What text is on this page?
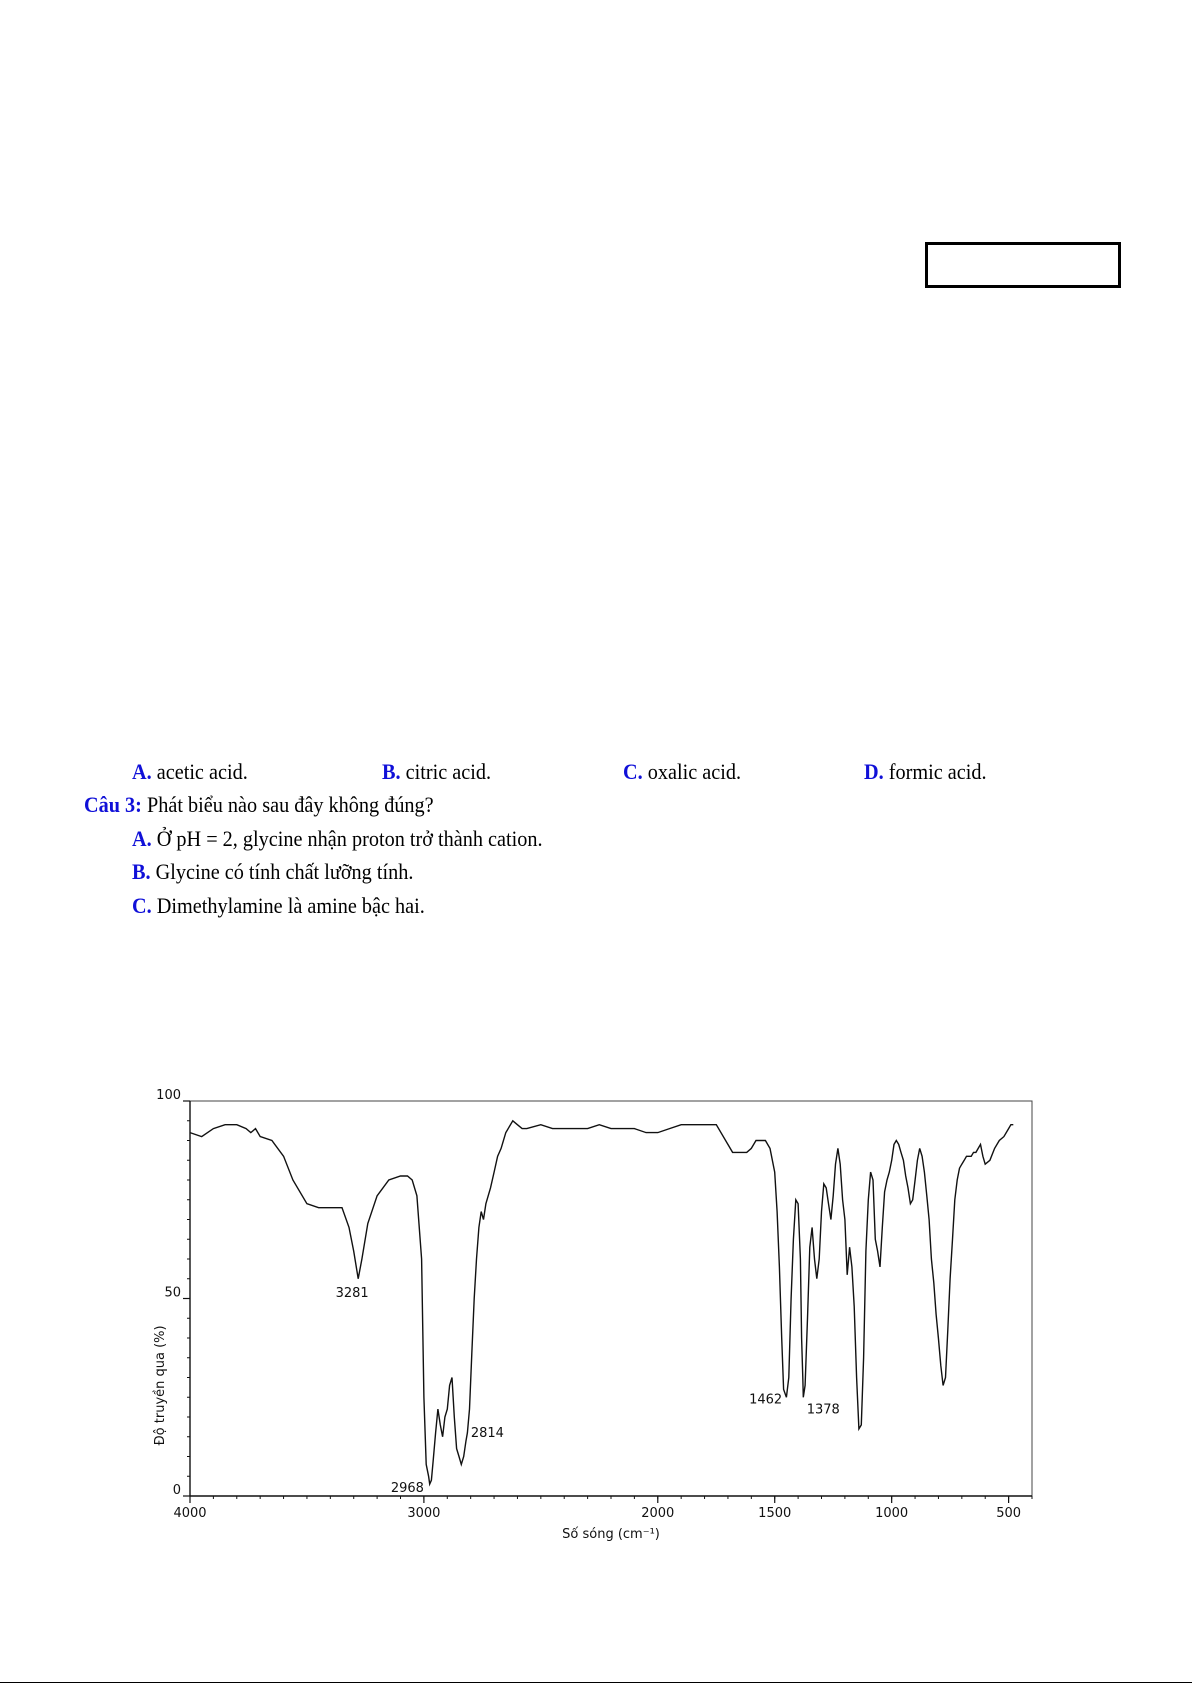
A. acetic acid.	B. citric acid.	C. oxalic acid.	D. formic acid.
Câu 3: Phát biểu nào sau đây không đúng?
A. Ở pH = 2, glycine nhận proton trở thành cation.
B. Glycine có tính chất lưỡng tính.
C. Dimethylamine là amine bậc hai.
4000	3000	2000	1500	1000	500
0
50
100
3281
2968
2814
1462
1378
Số sóng (cm⁻¹)
Độ truyền qua (%)
